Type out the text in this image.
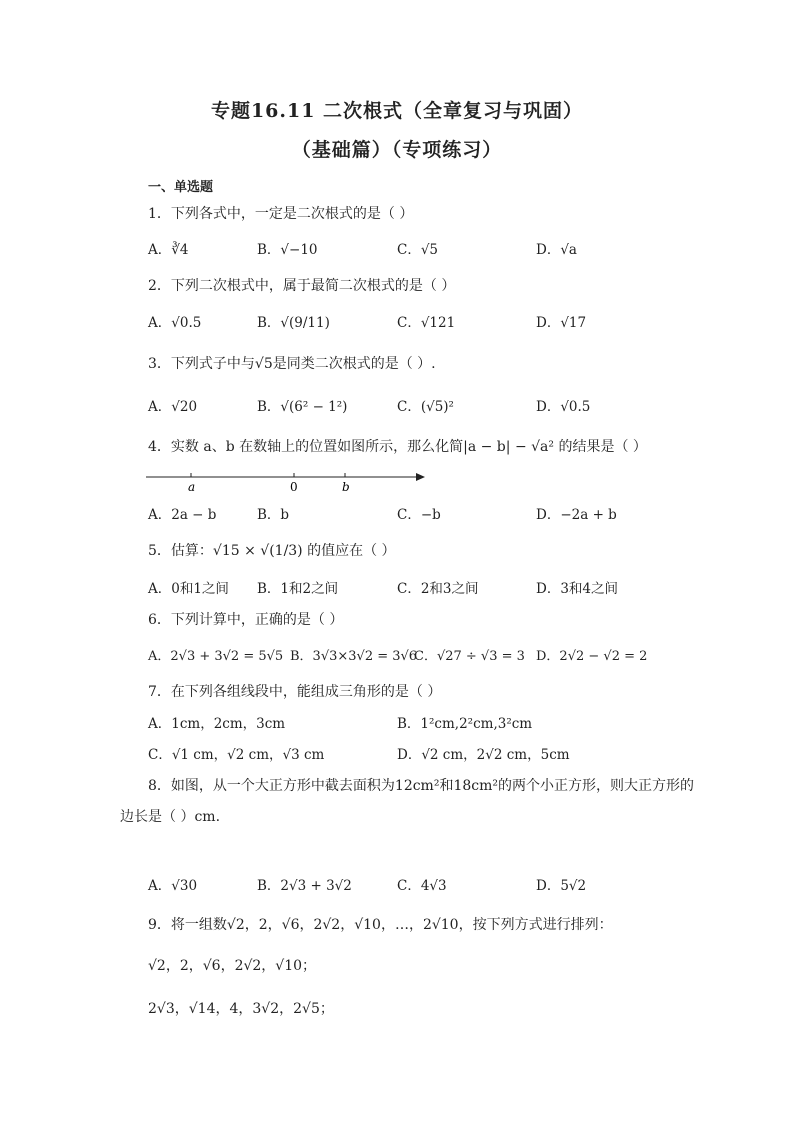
专题16.11 二次根式（全章复习与巩固）
（基础篇）（专项练习）
一、单选题
1．下列各式中，一定是二次根式的是（ ）
A．∛4	B．√−10	C．√5	D．√a
2．下列二次根式中，属于最简二次根式的是（ ）
A．√0.5	B．√(9/11)	C．√121	D．√17
3．下列式子中与√5是同类二次根式的是（ ）.
A．√20	B．√(6² − 1²)	C．(√5)²	D．√0.5
4．实数 a、b 在数轴上的位置如图所示，那么化简|a − b| − √a² 的结果是（ ）
a	0	b
A．2a − b	B．b	C．−b	D．−2a + b
5．估算：√15 × √(1/3) 的值应在（ ）
A．0和1之间 B．1和2之间	C．2和3之间	D．3和4之间
6．下列计算中，正确的是（ ）
A．2√3 + 3√2 = 5√5 B．3√3×3√2 = 3√6
C．√27 ÷ √3 = 3 D．2√2 − √2 = 2
7．在下列各组线段中，能组成三角形的是（ ）
A．1cm，2cm，3cm	B．1²cm,2²cm,3²cm
C．√1 cm，√2 cm，√3 cm	D．√2 cm，2√2 cm，5cm
8．如图，从一个大正方形中截去面积为12cm²和18cm²的两个小正方形，则大正方形的
边长是（ ）cm.
A．√30	B．2√3 + 3√2	C．4√3	D．5√2
9．将一组数√2，2，√6，2√2，√10，…，2√10，按下列方式进行排列：
√2，2，√6，2√2，√10；
2√3，√14，4，3√2，2√5；
